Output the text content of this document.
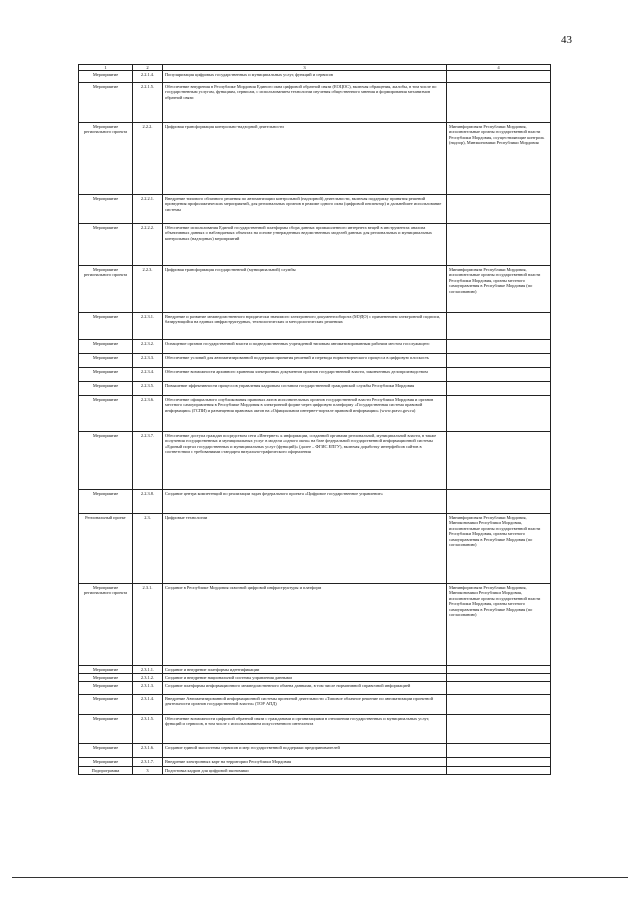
43
1	2	3	4
Мероприятие	2.2.1.4.	Популяризация цифровых государственных и муниципальных услуг, функций и сервисов	
Мероприятие	2.2.1.5.	Обеспечение внедрения в Республике Мордовия Единого окна цифровой обратной связи (ЕОЦОС), включая обращения, жалобы, в том числе по государственным услугам, функциям, сервисам, с использованием технологии изучения общественного мнения и формирования механизмов обратной связи	
Мероприятие регионального проекта	2.2.2.	Цифровая трансформация контрольно-надзорной деятельности	Мининформсвязи Республики Мордовия, исполнительные органы государственной власти Республики Мордовия, осуществляющие контроль (надзор), Минэкономики Республики Мордовия
Мероприятие	2.2.2.1.	Внедрение типового облачного решения по автоматизации контрольной (надзорной) деятельности, включая поддержку принятия решений проведения профилактических мероприятий, для региональных органов в режиме одного окна (цифровой инспектор) и дальнейшее использование системы	
Мероприятие	2.2.2.2.	Обеспечение использования Единой государственной платформы сбора данных промышленного интернета вещей в инструментах анализа объективных данных о наблюдаемых объектах на основе утвержденных ведомственных моделей данных для региональных и муниципальных контрольных (надзорных) мероприятий	
Мероприятие регионального проекта	2.2.3.	Цифровая трансформация государственной (муниципальной) службы	Мининформсвязи Республики Мордовия, исполнительные органы государственной власти Республики Мордовия, органы местного самоуправления в Республике Мордовия (по согласованию)
Мероприятие	2.2.3.1.	Внедрение и развитие межведомственного юридически значимого электронного документооборота (МЭДО) с применением электронной подписи, базирующийся на единых инфраструктурных, технологических и методологических решениях	
Мероприятие	2.2.3.2.	Оснащение органов государственной власти и подведомственных учреждений типовым автоматизированным рабочим местом госслужащего	
Мероприятие	2.2.3.3.	Обеспечение условий для автоматизированной поддержки принятия решений и перевода нормотворческого процесса в цифровую плоскость	
Мероприятие	2.2.3.4.	Обеспечение возможности архивного хранения электронных документов органов государственной власти, законченных делопроизводством	
Мероприятие	2.2.3.5.	Повышение эффективности процессов управления кадровым составом государственной гражданской службы Республики Мордовия	
Мероприятие	2.2.3.6.	Обеспечение официального опубликования правовых актов исполнительных органов государственной власти Республики Мордовия и органов местного самоуправления в Республике Мордовия в электронной форме через цифровую платформу «Государственная система правовой информации» (ГСПИ) и размещения правовых актов на «Официальном интернет-портале правовой информации» (www.pravo.gov.ru)	
Мероприятие	2.2.3.7.	Обеспечение доступа граждан посредством сети «Интернет» к информации, созданной органами региональной, муниципальной власти, в также получения государственных и муниципальных услуг в модели «одного окна» на базе федеральной государственной информационной системы «Единый портал государственных и муниципальных услуг (функций)» (далее – ФГИС ЕПГУ), включая доработку интерфейсов сайтов в соответствии с требованиями стандарта визуально-графического оформления	
Мероприятие	2.2.3.8.	Создание центра компетенций по реализации задач федерального проекта «Цифровое государственное управление»	
Региональный проект	2.3.	Цифровые технологии	Мининформсвязи Республики Мордовия, Минэкономики Республики Мордовия, исполнительные органы государственной власти Республики Мордовия, органы местного самоуправления в Республике Мордовия (по согласованию)
Мероприятие регионального проекта	2.3.1.	Создание в Республике Мордовия сквозной цифровой инфраструктуры и платформ	Мининформсвязи Республики Мордовия, Минэкономики Республики Мордовия, исполнительные органы государственной власти Республики Мордовия, органы местного самоуправления в Республике Мордовия (по согласованию)
Мероприятие	2.3.1.1.	Создание и внедрение платформы идентификации	
Мероприятие	2.3.1.2.	Создание и внедрение национальной системы управления данными	
Мероприятие	2.3.1.3.	Создание платформы информационного межведомственного обмена данными, в том числе нормативной справочной информацией	
Мероприятие	2.3.1.4.	Внедрение Автоматизированной информационной системы проектной деятельности «Типовое облачное решение по автоматизации проектной деятельности органов государственной власти» (ТОР АПД)	
Мероприятие	2.3.1.5.	Обеспечение возможности цифровой обратной связи с гражданами и организациями в отношении государственных и муниципальных услуг, функций и сервисов, в том числе с использованием искусственного интеллекта	
Мероприятие	2.3.1.6.	Создание единой экосистемы сервисов и мер государственной поддержки предпринимателей	
Мероприятие	2.3.1.7.	Внедрение электронных карт на территории Республики Мордовия	
Подпрограмма	3	Подготовка кадров для цифровой экономики	
